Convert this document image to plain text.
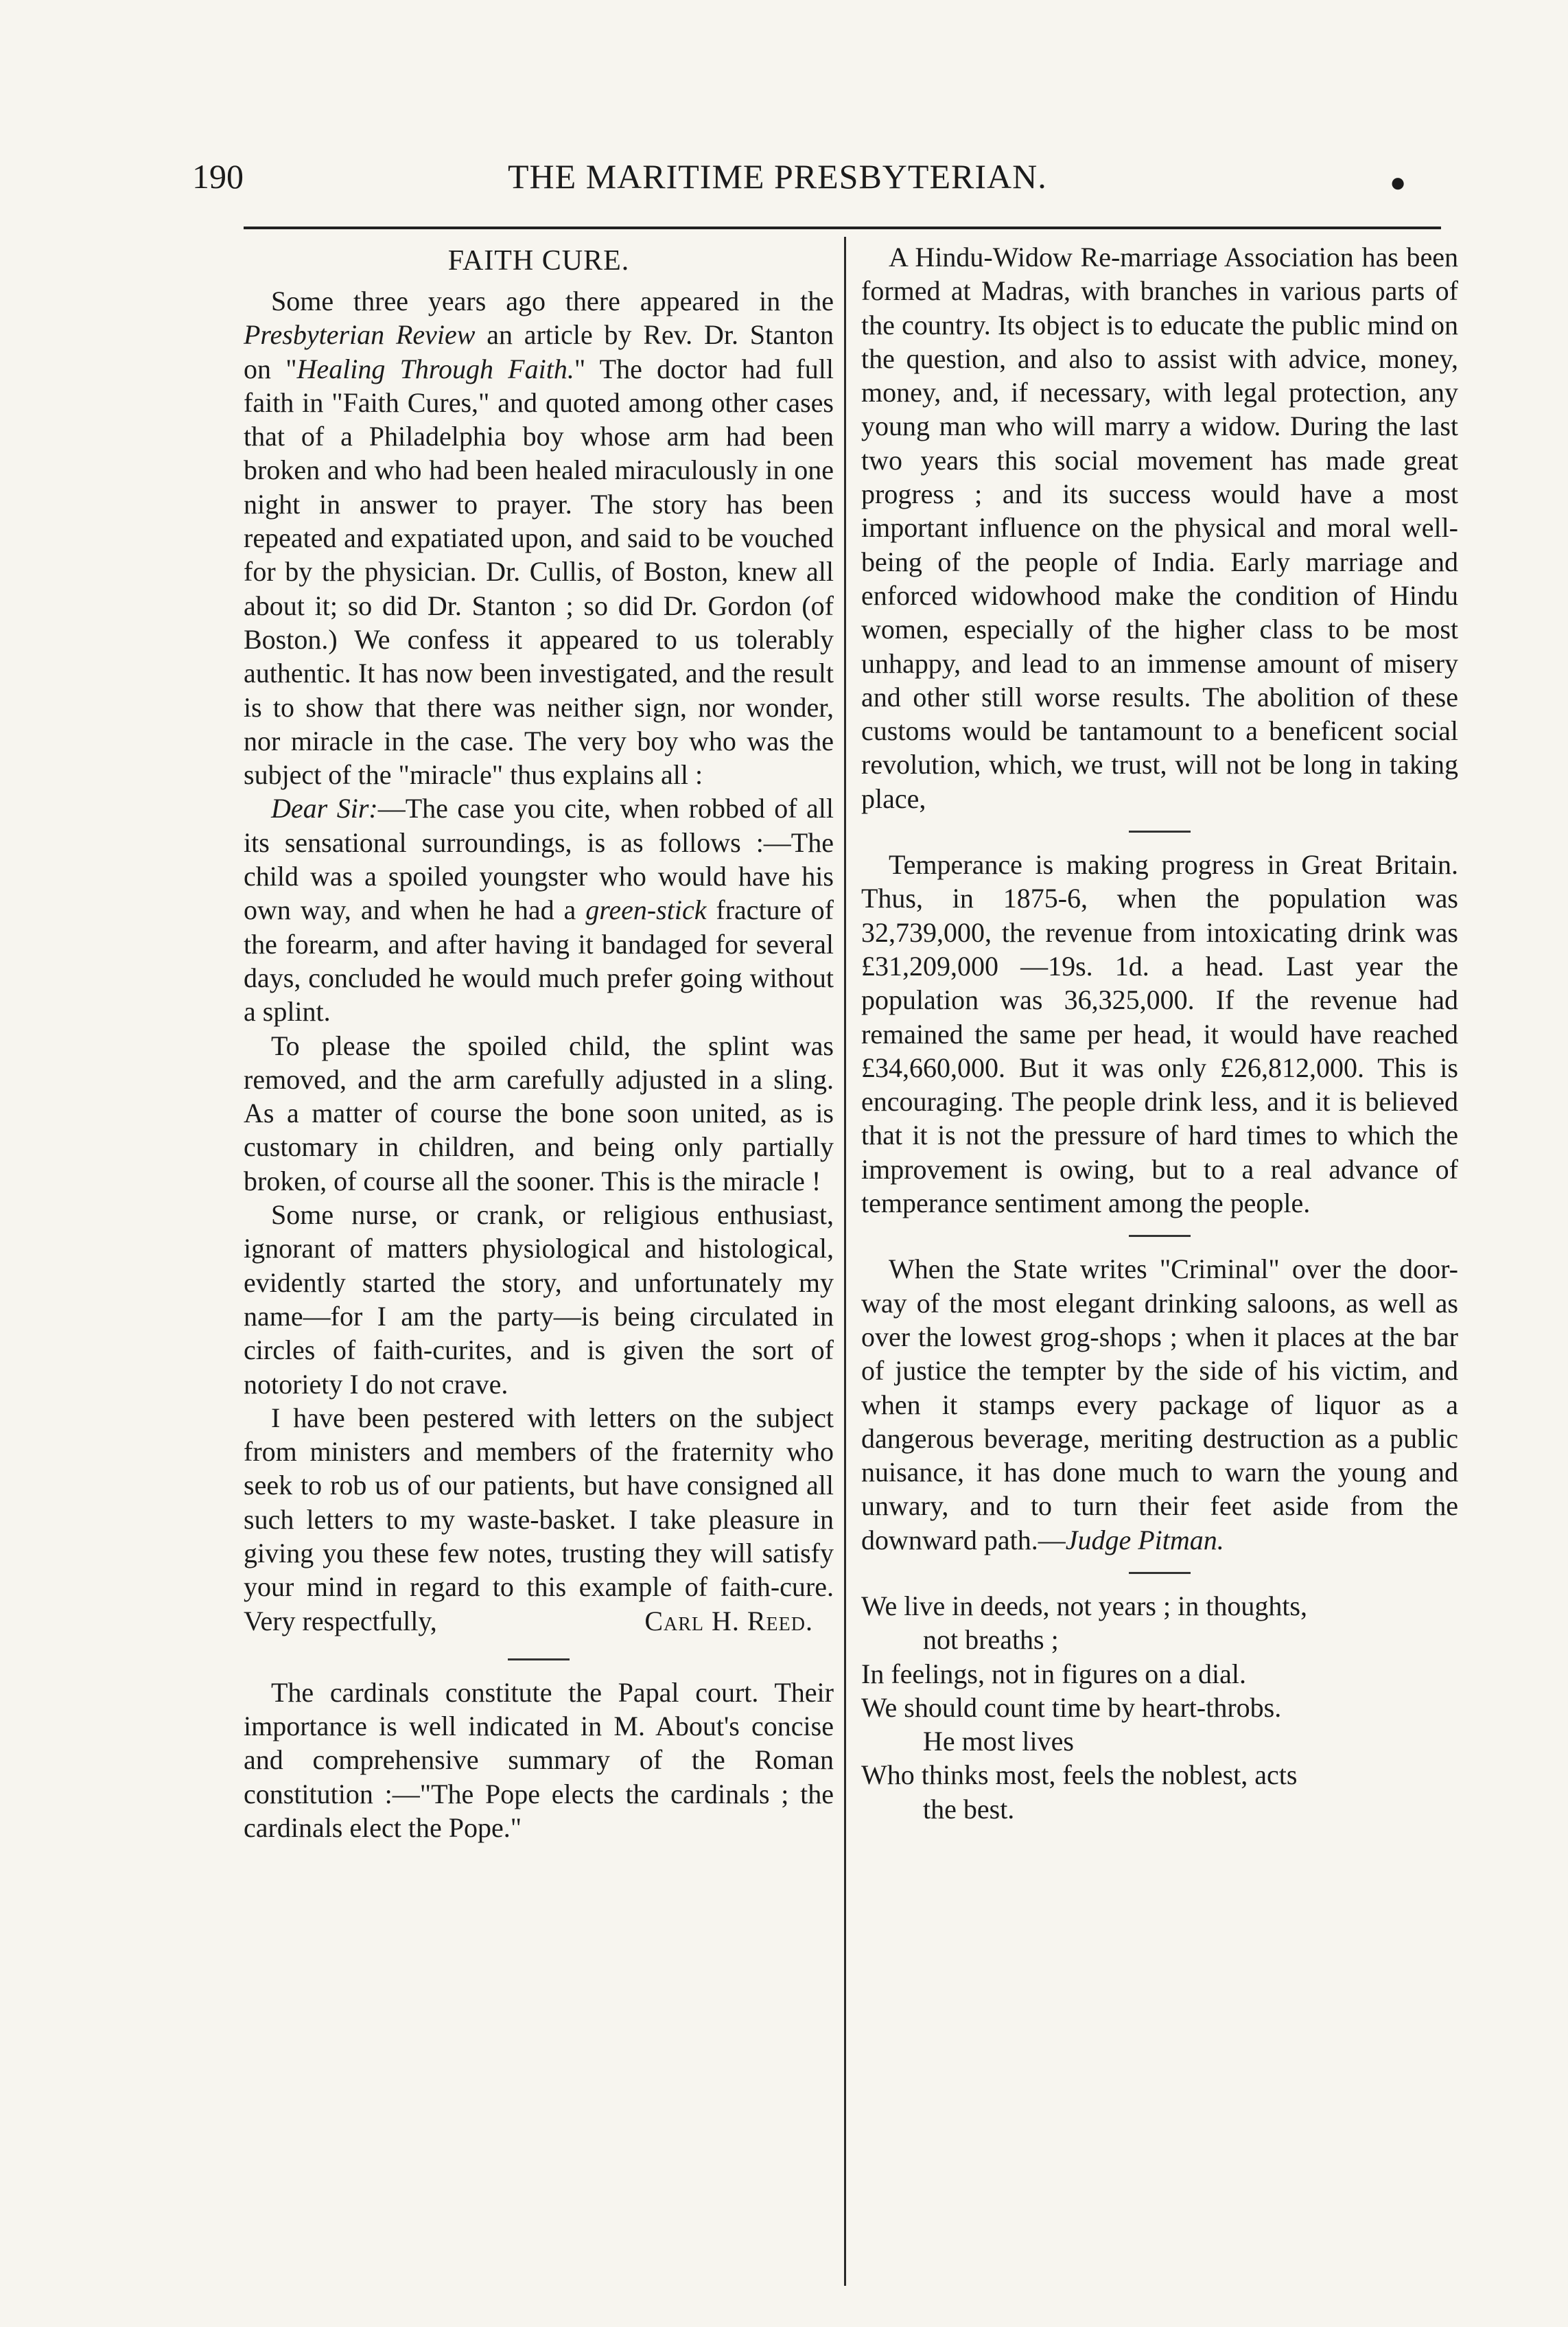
190	THE MARITIME PRESBYTERIAN.	●
FAITH CURE.

Some three years ago there appeared in the Presbyterian Review an article by Rev. Dr. Stanton on "Healing Through Faith." The doctor had full faith in "Faith Cures," and quoted among other cases that of a Philadelphia boy whose arm had been broken and who had been healed miraculously in one night in answer to prayer. The story has been repeated and expatiated upon, and said to be vouched for by the physician. Dr. Cullis, of Boston, knew all about it; so did Dr. Stanton ; so did Dr. Gordon (of Boston.) We confess it appeared to us tolerably authentic. It has now been investigated, and the result is to show that there was neither sign, nor wonder, nor miracle in the case. The very boy who was the subject of the "miracle" thus explains all :

Dear Sir:—The case you cite, when robbed of all its sensational surroundings, is as follows :—The child was a spoiled youngster who would have his own way, and when he had a green-stick fracture of the forearm, and after having it bandaged for several days, concluded he would much prefer going without a splint.

To please the spoiled child, the splint was removed, and the arm carefully adjusted in a sling. As a matter of course the bone soon united, as is customary in children, and being only partially broken, of course all the sooner. This is the miracle !

Some nurse, or crank, or religious enthusiast, ignorant of matters physiological and histological, evidently started the story, and unfortunately my name—for I am the party—is being circulated in circles of faith-curites, and is given the sort of notoriety I do not crave.

I have been pestered with letters on the subject from ministers and members of the fraternity who seek to rob us of our patients, but have consigned all such letters to my waste-basket. I take pleasure in giving you these few notes, trusting they will satisfy your mind in regard to this example of faith-cure. Very respectfully,	Carl H. Reed.

The cardinals constitute the Papal court. Their importance is well indicated in M. About's concise and comprehensive summary of the Roman constitution :—"The Pope elects the cardinals ; the cardinals elect the Pope."

A Hindu-Widow Re-marriage Association has been formed at Madras, with branches in various parts of the country. Its object is to educate the public mind on the question, and also to assist with advice, money, money, and, if necessary, with legal protection, any young man who will marry a widow. During the last two years this social movement has made great progress ; and its success would have a most important influence on the physical and moral well-being of the people of India. Early marriage and enforced widowhood make the condition of Hindu women, especially of the higher class to be most unhappy, and lead to an immense amount of misery and other still worse results. The abolition of these customs would be tantamount to a beneficent social revolution, which, we trust, will not be long in taking place,

Temperance is making progress in Great Britain. Thus, in 1875-6, when the population was 32,739,000, the revenue from intoxicating drink was £31,209,000 —19s. 1d. a head. Last year the population was 36,325,000. If the revenue had remained the same per head, it would have reached £34,660,000. But it was only £26,812,000. This is encouraging. The people drink less, and it is believed that it is not the pressure of hard times to which the improvement is owing, but to a real advance of temperance sentiment among the people.

When the State writes "Criminal" over the door-way of the most elegant drinking saloons, as well as over the lowest grog-shops ; when it places at the bar of justice the tempter by the side of his victim, and when it stamps every package of liquor as a dangerous beverage, meriting destruction as a public nuisance, it has done much to warn the young and unwary, and to turn their feet aside from the downward path.—Judge Pitman.

We live in deeds, not years ; in thoughts,

not breaths ;

In feelings, not in figures on a dial.

We should count time by heart-throbs.

He most lives

Who thinks most, feels the noblest, acts

the best.
